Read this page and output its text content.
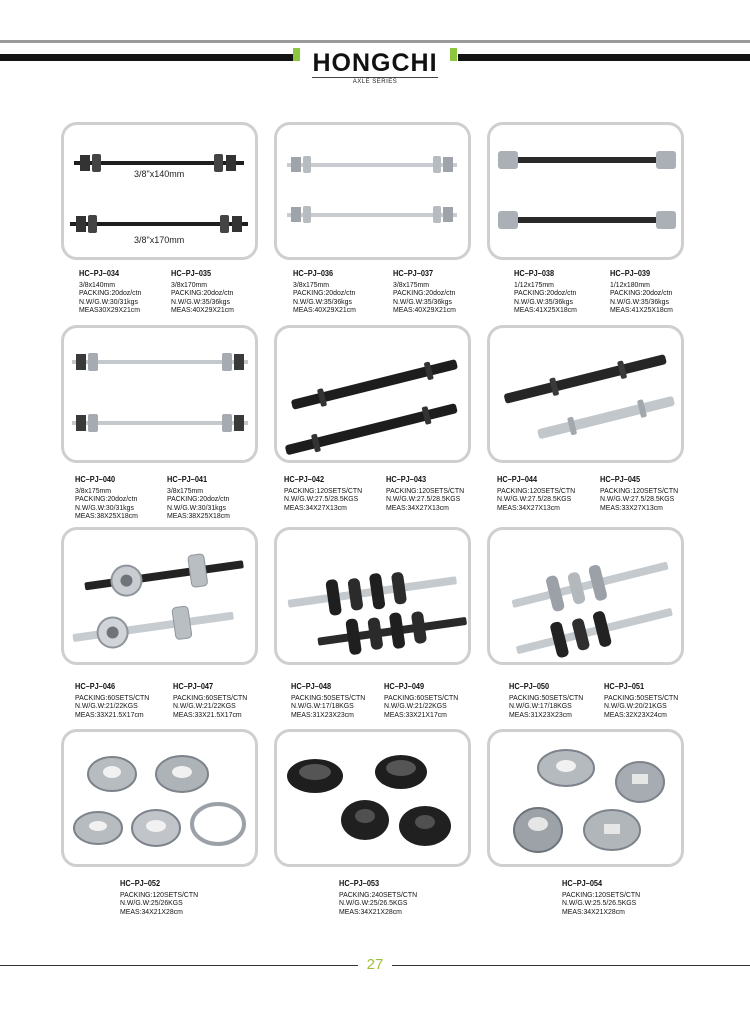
HONGCHI
AXLE SERIES
3/8"x140mm
3/8"x170mm
HC–PJ–034
3/8x140mm
PACKING:20doz/ctn
N.W/G.W:30/31kgs
MEAS30X29X21cm
HC–PJ–035
3/8x170mm
PACKING:20doz/ctn
N.W/G.W:35/36kgs
MEAS:40X29X21cm
HC–PJ–036
3/8x175mm
PACKING:20doz/ctn
N.W/G.W:35/36kgs
MEAS:40X29X21cm
HC–PJ–037
3/8x175mm
PACKING:20doz/ctn
N.W/G.W:35/36kgs
MEAS:40X29X21cm
HC–PJ–038
1/12x175mm
PACKING:20doz/ctn
N.W/G.W:35/36kgs
MEAS:41X25X18cm
HC–PJ–039
1/12x180mm
PACKING:20doz/ctn
N.W/G.W:35/36kgs
MEAS:41X25X18cm
HC–PJ–040
3/8x175mm
PACKING:20doz/ctn
N.W/G.W:30/31kgs
MEAS:38X25X18cm
HC–PJ–041
3/8x175mm
PACKING:20doz/ctn
N.W/G.W:30/31kgs
MEAS:38X25X18cm
HC–PJ–042
PACKING:120SETS/CTN
N.W/G.W:27.5/28.5KGS
MEAS:34X27X13cm
HC–PJ–043
PACKING:120SETS/CTN
N.W/G.W:27.5/28.5KGS
MEAS:34X27X13cm
HC–PJ–044
PACKING:120SETS/CTN
N.W/G.W:27.5/28.5KGS
MEAS:34X27X13cm
HC–PJ–045
PACKING:120SETS/CTN
N.W/G.W:27.5/28.5KGS
MEAS:33X27X13cm
HC–PJ–046
PACKING:60SETS/CTN
N.W/G.W:21/22KGS
MEAS:33X21.5X17cm
HC–PJ–047
PACKING:60SETS/CTN
N.W/G.W:21/22KGS
MEAS:33X21.5X17cm
HC–PJ–048
PACKING:50SETS/CTN
N.W/G.W:17/18KGS
MEAS:31X23X23cm
HC–PJ–049
PACKING:60SETS/CTN
N.W/G.W:21/22KGS
MEAS:33X21X17cm
HC–PJ–050
PACKING:50SETS/CTN
N.W/G.W:17/18KGS
MEAS:31X23X23cm
HC–PJ–051
PACKING:50SETS/CTN
N.W/G.W:20/21KGS
MEAS:32X23X24cm
HC–PJ–052
PACKING:120SETS/CTN
N.W/G.W:25/26KGS
MEAS:34X21X28cm
HC–PJ–053
PACKING:240SETS/CTN
N.W/G.W:25/26.5KGS
MEAS:34X21X28cm
HC–PJ–054
PACKING:120SETS/CTN
N.W/G.W:25.5/26.5KGS
MEAS:34X21X28cm
27
